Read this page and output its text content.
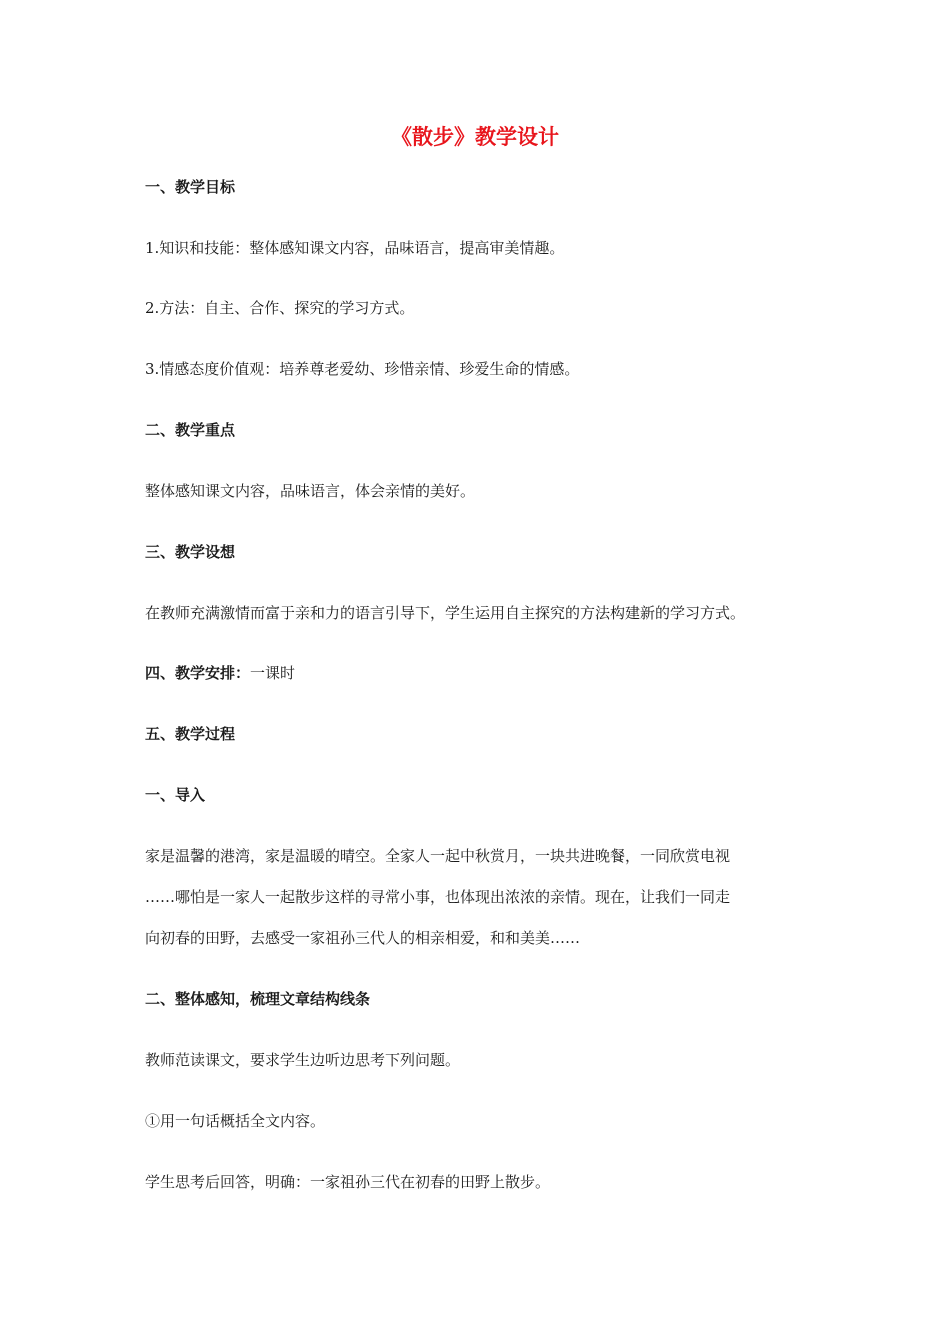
《散步》教学设计

一、教学目标

1.知识和技能：整体感知课文内容，品味语言，提高审美情趣。

2.方法：自主、合作、探究的学习方式。

3.情感态度价值观：培养尊老爱幼、珍惜亲情、珍爱生命的情感。

二、教学重点

整体感知课文内容，品味语言，体会亲情的美好。

三、教学设想

在教师充满激情而富于亲和力的语言引导下，学生运用自主探究的方法构建新的学习方式。

四、教学安排：一课时

五、教学过程

一、导入

家是温馨的港湾，家是温暖的晴空。全家人一起中秋赏月，一块共进晚餐，一同欣赏电视

……哪怕是一家人一起散步这样的寻常小事，也体现出浓浓的亲情。现在，让我们一同走

向初春的田野，去感受一家祖孙三代人的相亲相爱，和和美美……

二、整体感知，梳理文章结构线条

教师范读课文，要求学生边听边思考下列问题。

①用一句话概括全文内容。

学生思考后回答，明确：一家祖孙三代在初春的田野上散步。
